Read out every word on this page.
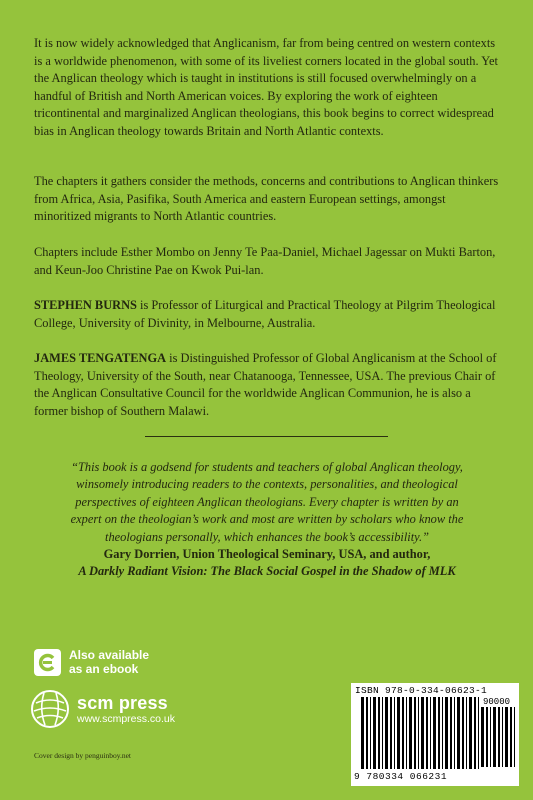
It is now widely acknowledged that Anglicanism, far from being centred on western contexts is a worldwide phenomenon, with some of its liveliest corners located in the global south. Yet the Anglican theology which is taught in institutions is still focused overwhelmingly on a handful of British and North American voices. By exploring the work of eighteen tricontinental and marginalized Anglican theologians, this book begins to correct widespread bias in Anglican theology towards Britain and North Atlantic contexts.

The chapters it gathers consider the methods, concerns and contributions to Anglican thinkers from Africa, Asia, Pasifika, South America and eastern European settings, amongst minoritized migrants to North Atlantic countries.

Chapters include Esther Mombo on Jenny Te Paa-Daniel, Michael Jagessar on Mukti Barton, and Keun-Joo Christine Pae on Kwok Pui-lan.

STEPHEN BURNS is Professor of Liturgical and Practical Theology at Pilgrim Theological College, University of Divinity, in Melbourne, Australia.

JAMES TENGATENGA is Distinguished Professor of Global Anglicanism at the School of Theology, University of the South, near Chatanooga, Tennessee, USA. The previous Chair of the Anglican Consultative Council for the worldwide Anglican Communion, he is also a former bishop of Southern Malawi.

“This book is a godsend for students and teachers of global Anglican theology, winsomely introducing readers to the contexts, personalities, and theological perspectives of eighteen Anglican theologians. Every chapter is written by an expert on the theologian’s work and most are written by scholars who know the theologians personally, which enhances the book’s accessibility.”
Gary Dorrien, Union Theological Seminary, USA, and author,
A Darkly Radiant Vision: The Black Social Gospel in the Shadow of MLK
Also available
as an ebook
scm press
www.scmpress.co.uk
Cover design by penguinboy.net
ISBN 978-0-334-06623-1
90000
9 780334 066231
